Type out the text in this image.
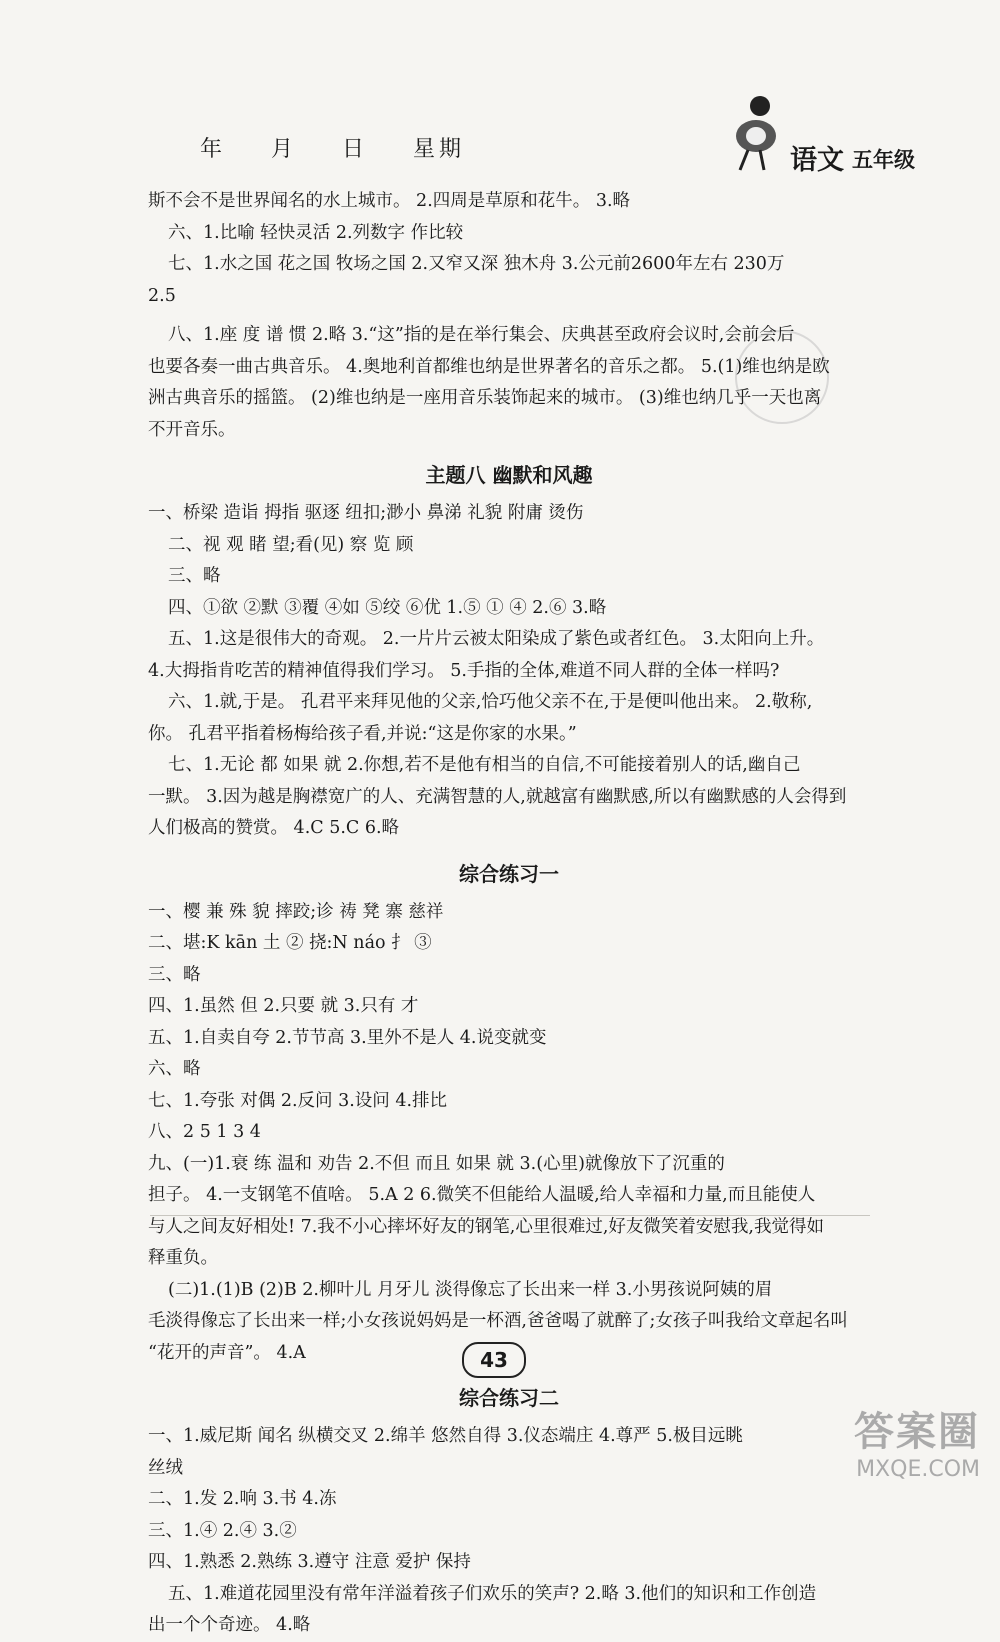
年 月 日 星期	语文 五年级

斯不会不是世界闻名的水上城市。 2.四周是草原和花牛。 3.略

六、1.比喻 轻快灵活 2.列数字 作比较

七、1.水之国 花之国 牧场之国 2.又窄又深 独木舟 3.公元前2600年左右 230万

2.5

八、1.座 度 谱 惯 2.略 3.“这”指的是在举行集会、庆典甚至政府会议时,会前会后

也要各奏一曲古典音乐。 4.奥地利首都维也纳是世界著名的音乐之都。 5.(1)维也纳是欧

洲古典音乐的摇篮。 (2)维也纳是一座用音乐装饰起来的城市。 (3)维也纳几乎一天也离

不开音乐。

主题八 幽默和风趣

一、桥梁 造诣 拇指 驱逐 纽扣;渺小 鼻涕 礼貌 附庸 烫伤

二、视 观 睹 望;看(见) 察 览 顾

三、略

四、①欲 ②默 ③覆 ④如 ⑤绞 ⑥优 1.⑤ ① ④ 2.⑥ 3.略

五、1.这是很伟大的奇观。 2.一片片云被太阳染成了紫色或者红色。 3.太阳向上升。

4.大拇指肯吃苦的精神值得我们学习。 5.手指的全体,难道不同人群的全体一样吗?

六、1.就,于是。 孔君平来拜见他的父亲,恰巧他父亲不在,于是便叫他出来。 2.敬称,

你。 孔君平指着杨梅给孩子看,并说:“这是你家的水果。”

七、1.无论 都 如果 就 2.你想,若不是他有相当的自信,不可能接着别人的话,幽自己

一默。 3.因为越是胸襟宽广的人、充满智慧的人,就越富有幽默感,所以有幽默感的人会得到

人们极高的赞赏。 4.C 5.C 6.略

综合练习一

一、樱 兼 殊 貌 摔跤;诊 祷 凳 寨 慈祥

二、堪:K kān 土 ② 挠:N náo 扌 ③

三、略

四、1.虽然 但 2.只要 就 3.只有 才

五、1.自卖自夸 2.节节高 3.里外不是人 4.说变就变

六、略

七、1.夸张 对偶 2.反问 3.设问 4.排比

八、2 5 1 3 4

九、(一)1.衰 练 温和 劝告 2.不但 而且 如果 就 3.(心里)就像放下了沉重的

担子。 4.一支钢笔不值啥。 5.A 2 6.微笑不但能给人温暖,给人幸福和力量,而且能使人

与人之间友好相处! 7.我不小心摔坏好友的钢笔,心里很难过,好友微笑着安慰我,我觉得如

释重负。

(二)1.(1)B (2)B 2.柳叶儿 月牙儿 淡得像忘了长出来一样 3.小男孩说阿姨的眉

毛淡得像忘了长出来一样;小女孩说妈妈是一杯酒,爸爸喝了就醉了;女孩子叫我给文章起名叫

“花开的声音”。 4.A

综合练习二

一、1.威尼斯 闻名 纵横交叉 2.绵羊 悠然自得 3.仪态端庄 4.尊严 5.极目远眺

丝绒

二、1.发 2.响 3.书 4.冻

三、1.④ 2.④ 3.②

四、1.熟悉 2.熟练 3.遵守 注意 爱护 保持

五、1.难道花园里没有常年洋溢着孩子们欢乐的笑声? 2.略 3.他们的知识和工作创造

出一个个奇迹。 4.略

43
答案圈
MXQE.COM
